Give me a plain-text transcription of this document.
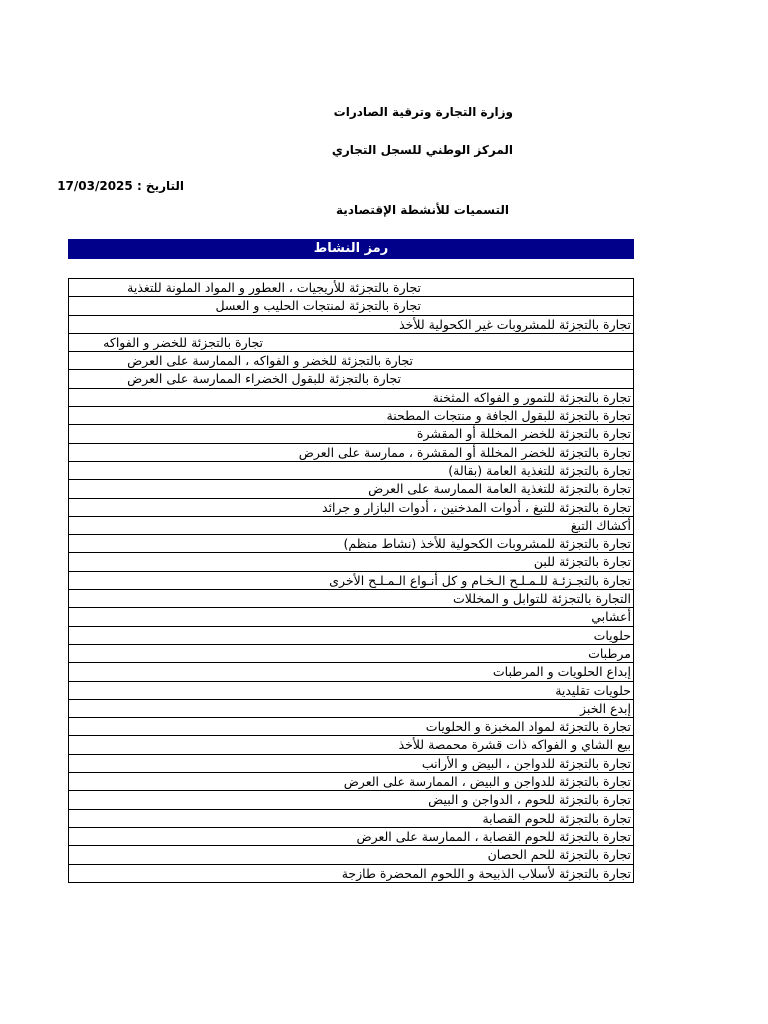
وزارة التجارة وترقية الصادرات
المركز الوطني للسجل التجاري
التاريخ : 17/03/2025
التسميات للأنشطة الإقتصادية
رمز النشاط
تجارة بالتجزئة للأريجيات ، العطور و المواد الملونة للتغذية
تجارة بالتجزئة لمنتجات الحليب و العسل
تجارة بالتجزئة للمشروبات غير الكحولية للأخذ
تجارة بالتجزئة للخضر و الفواكه
تجارة بالتجزئة للخضر و الفواكه ، الممارسة على العرض
تجارة بالتجزئة للبقول الخضراء الممارسة على العرض
تجارة بالتجزئة للتمور و الفواكه المثخنة
تجارة بالتجزئة للبقول الجافة و منتجات المطحنة
تجارة بالتجزئة للخضر المخللة أو المقشرة
تجارة بالتجزئة للخضر المخللة أو المقشرة ، ممارسة على العرض
تجارة بالتجزئة للتغذية العامة (بقالة)
تجارة بالتجزئة للتغذية العامة الممارسة على العرض
تجارة بالتجزئة للتبغ ، أدوات المدخنين ، أدوات البازار و جرائد
أكشاك التبغ
تجارة بالتجزئة للمشروبات الكحولية للأخذ (نشاط منظم)
تجارة بالتجزئة للبن
تجارة بالتجـزئـة للـمـلـح الـخـام و كل أنـواع الـمـلـح الأخرى
التجارة بالتجزئة للتوابل و المخللات
أعشابي
حلويات
مرطبات
إبداع الحلويات و المرطبات
حلويات تقليدية
إبدع الخبز
تجارة بالتجزئة لمواد المخبزة و الحلويات
بيع الشاي و الفواكه ذات قشرة محمصة للأخذ
تجارة بالتجزئة للدواجن ، البيض و الأرانب
تجارة بالتجزئة للدواجن و البيض ، الممارسة على العرض
تجارة بالتجزئة للحوم ، الدواجن و البيض
تجارة بالتجزئة للحوم القصابة
تجارة بالتجزئة للحوم القصابة ، الممارسة على العرض
تجارة بالتجزئة للحم الحصان
تجارة بالتجزئة لأسلاب الذبيحة و اللحوم المحضرة طازجة
